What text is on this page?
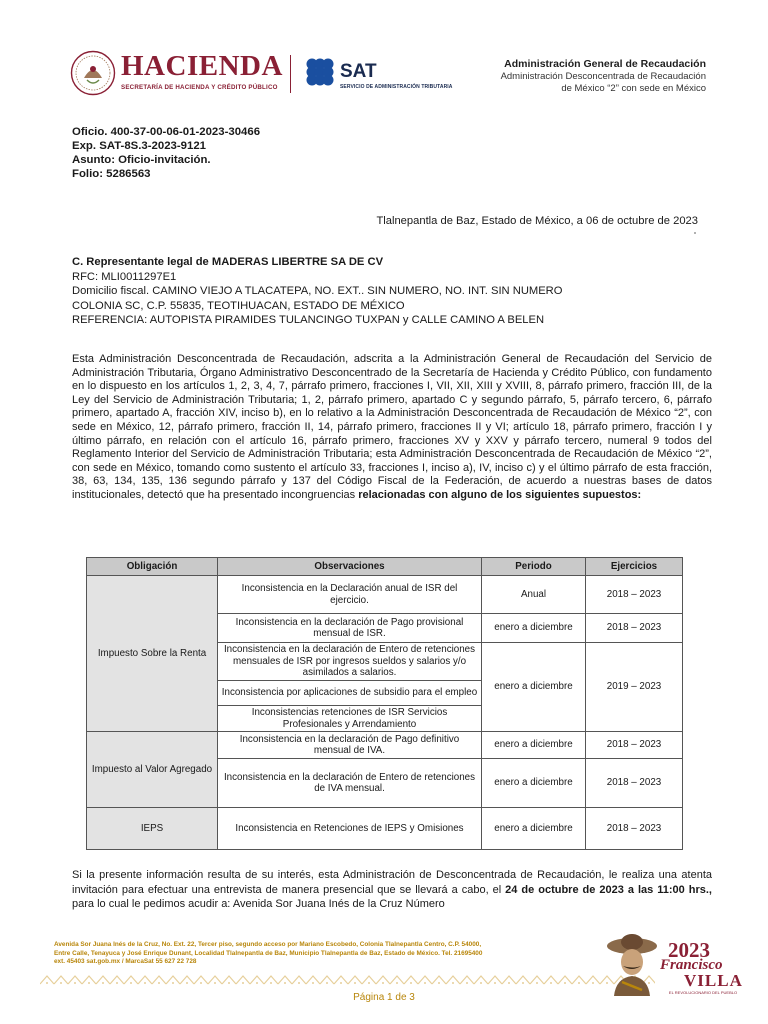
HACIENDA
SECRETARÍA DE HACIENDA Y CRÉDITO PÚBLICO
SAT
SERVICIO DE ADMINISTRACIÓN TRIBUTARIA
Administración General de Recaudación
Administración Desconcentrada de Recaudación
de México “2” con sede en México
Oficio. 400-37-00-06-01-2023-30466
Exp. SAT-8S.3-2023-9121
Asunto: Oficio-invitación.
Folio: 5286563
Tlalnepantla de Baz, Estado de México, a 06 de octubre de 2023
C. Representante legal de MADERAS LIBERTRE SA DE CV
RFC: MLI0011297E1
Domicilio fiscal. CAMINO VIEJO A TLACATEPA, NO. EXT.. SIN NUMERO, NO. INT. SIN NUMERO
COLONIA SC, C.P. 55835, TEOTIHUACAN, ESTADO DE MÉXICO
REFERENCIA: AUTOPISTA PIRAMIDES TULANCINGO TUXPAN y CALLE CAMINO A BELEN
Esta Administración Desconcentrada de Recaudación, adscrita a la Administración General de Recaudación del Servicio de Administración Tributaria, Órgano Administrativo Desconcentrado de la Secretaría de Hacienda y Crédito Público, con fundamento en lo dispuesto en los artículos 1, 2, 3, 4, 7, párrafo primero, fracciones I, VII, XII, XIII y XVIII, 8, párrafo primero, fracción III, de la Ley del Servicio de Administración Tributaria; 1, 2, párrafo primero, apartado C y segundo párrafo, 5, párrafo tercero, 6, párrafo primero, apartado A, fracción XIV, inciso b), en lo relativo a la Administración Desconcentrada de Recaudación de México “2”, con sede en México, 12, párrafo primero, fracción II, 14, párrafo primero, fracciones II y VI; artículo 18, párrafo primero, fracción I y último párrafo, en relación con el artículo 16, párrafo primero, fracciones XV y XXV y párrafo tercero, numeral 9 todos del Reglamento Interior del Servicio de Administración Tributaria; esta Administración Desconcentrada de Recaudación de México “2”, con sede en México, tomando como sustento el artículo 33, fracciones I, inciso a), IV, inciso c) y el último párrafo de esta fracción, 38, 63, 134, 135, 136 segundo párrafo y 137 del Código Fiscal de la Federación, de acuerdo a nuestras bases de datos institucionales, detectó que ha presentado incongruencias relacionadas con alguno de los siguientes supuestos:
Obligación	Observaciones	Periodo	Ejercicios
Impuesto Sobre la Renta	Inconsistencia en la Declaración anual de ISR del ejercicio.	Anual	2018 – 2023
	Inconsistencia en la declaración de Pago provisional mensual de ISR.	enero a diciembre	2018 – 2023
	Inconsistencia en la declaración de Entero de retenciones mensuales de ISR por ingresos sueldos y salarios y/o asimilados a salarios.	enero a diciembre	2019 – 2023
	Inconsistencia por aplicaciones de subsidio para el empleo		
	Inconsistencias retenciones de ISR Servicios Profesionales y Arrendamiento		
Impuesto al Valor Agregado	Inconsistencia en la declaración de Pago definitivo mensual de IVA.	enero a diciembre	2018 – 2023
	Inconsistencia en la declaración de Entero de retenciones de IVA mensual.	enero a diciembre	2018 – 2023
IEPS	Inconsistencia en Retenciones de IEPS y Omisiones	enero a diciembre	2018 – 2023
Si la presente información resulta de su interés, esta Administración de Desconcentrada de Recaudación, le realiza una atenta invitación para efectuar una entrevista de manera presencial que se llevará a cabo, el 24 de octubre de 2023 a las 11:00 hrs., para lo cual le pedimos acudir a: Avenida Sor Juana Inés de la Cruz Número
Avenida Sor Juana Inés de la Cruz, No. Ext. 22, Tercer piso, segundo acceso por Mariano Escobedo, Colonia Tlalnepantla Centro, C.P. 54000,
Entre Calle, Tenayuca y José Enrique Dunant, Localidad Tlalnepantla de Baz, Municipio Tlalnepantla de Baz, Estado de México. Tel. 21695400
ext. 45403 sat.gob.mx / MarcaSat 55 627 22 728	2023
Francisco
VILLA
EL REVOLUCIONARIO DEL PUEBLO
Página 1 de 3
